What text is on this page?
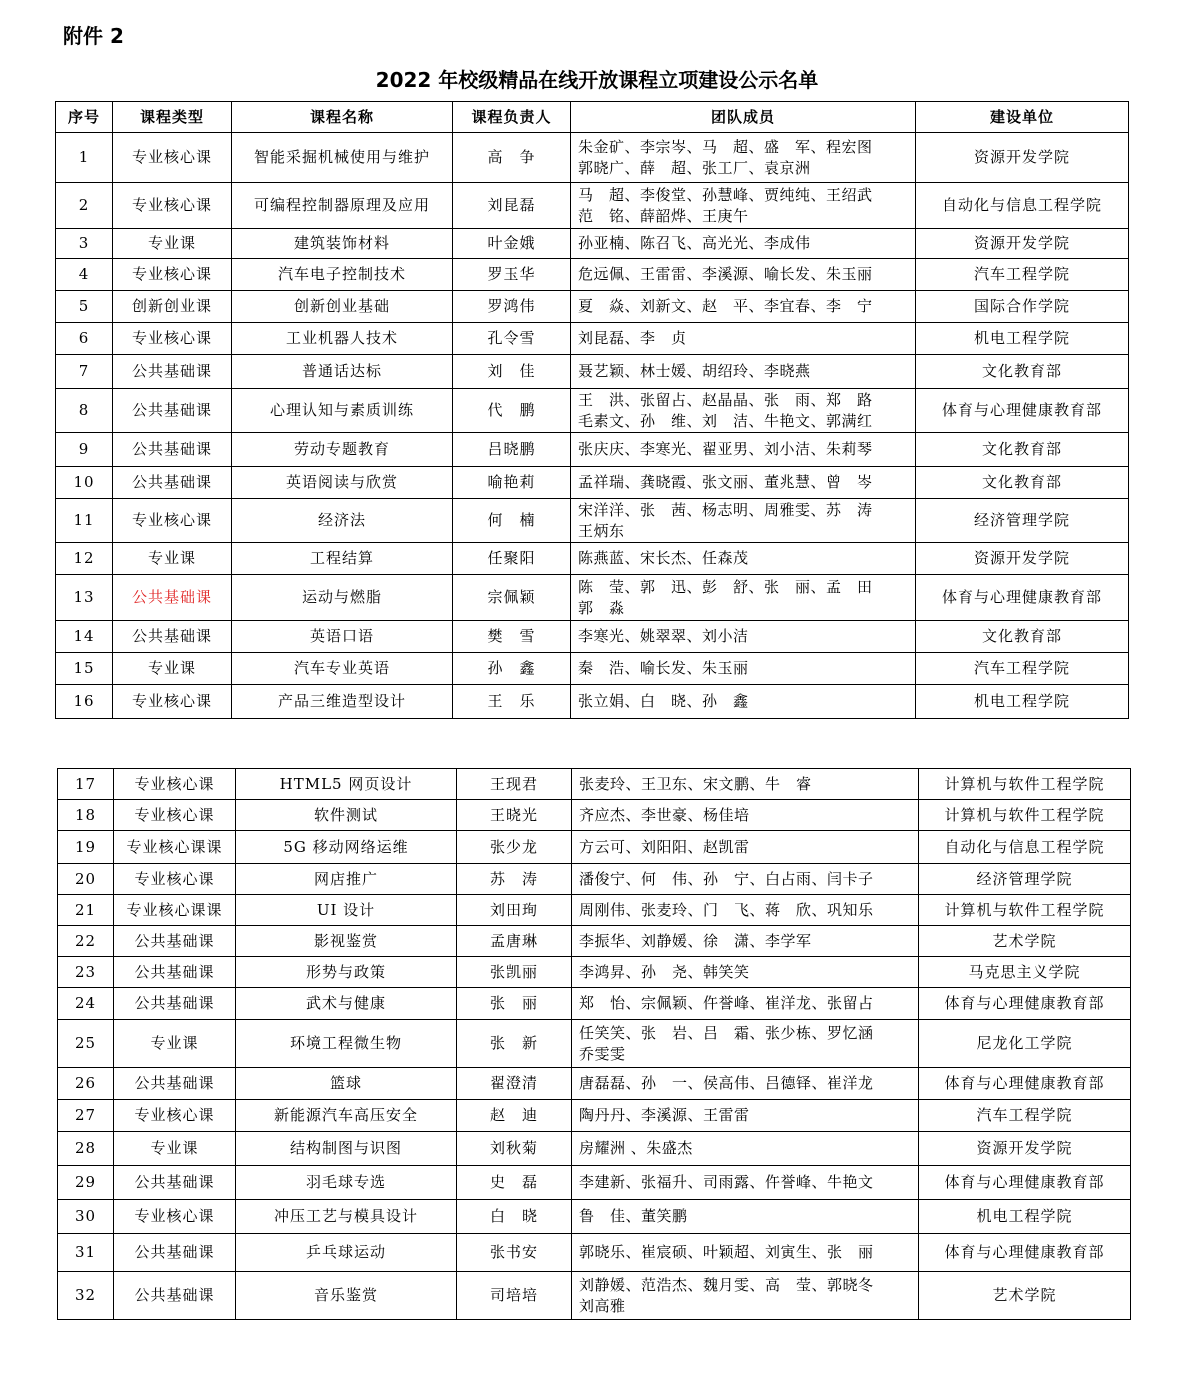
附件 2
2022 年校级精品在线开放课程立项建设公示名单
序号	课程类型	课程名称	课程负责人	团队成员	建设单位
1	专业核心课	智能采掘机械使用与维护	高　争	朱金矿、李宗岑、马　超、盛　军、程宏图
郭晓广、薛　超、张工厂、袁京洲	资源开发学院
2	专业核心课	可编程控制器原理及应用	刘昆磊	马　超、李俊堂、孙慧峰、贾纯纯、王绍武
范　铭、薛韶烨、王庚午	自动化与信息工程学院
3	专业课	建筑装饰材料	叶金娥	孙亚楠、陈召飞、高光光、李成伟	资源开发学院
4	专业核心课	汽车电子控制技术	罗玉华	危远佩、王雷雷、李溪源、喻长发、朱玉丽	汽车工程学院
5	创新创业课	创新创业基础	罗鸿伟	夏　焱、刘新文、赵　平、李宜春、李　宁	国际合作学院
6	专业核心课	工业机器人技术	孔令雪	刘昆磊、李　贞	机电工程学院
7	公共基础课	普通话达标	刘　佳	聂艺颖、林士媛、胡绍玲、李晓燕	文化教育部
8	公共基础课	心理认知与素质训练	代　鹏	王　洪、张留占、赵晶晶、张　雨、郑　路
毛素文、孙　维、刘　洁、牛艳文、郭满红	体育与心理健康教育部
9	公共基础课	劳动专题教育	吕晓鹏	张庆庆、李寒光、翟亚男、刘小洁、朱莉琴	文化教育部
10	公共基础课	英语阅读与欣赏	喻艳莉	孟祥瑞、龚晓霞、张文丽、董兆慧、曾　岑	文化教育部
11	专业核心课	经济法	何　楠	宋洋洋、张　茜、杨志明、周雅雯、苏　涛
王炳东	经济管理学院
12	专业课	工程结算	任聚阳	陈燕蓝、宋长杰、任森茂	资源开发学院
13	公共基础课	运动与燃脂	宗佩颖	陈　莹、郭　迅、彭　舒、张　丽、孟　田
郭　淼	体育与心理健康教育部
14	公共基础课	英语口语	樊　雪	李寒光、姚翠翠、刘小洁	文化教育部
15	专业课	汽车专业英语	孙　鑫	秦　浩、喻长发、朱玉丽	汽车工程学院
16	专业核心课	产品三维造型设计	王　乐	张立娟、白　晓、孙　鑫	机电工程学院
17	专业核心课	HTML5 网页设计	王现君	张麦玲、王卫东、宋文鹏、牛　睿	计算机与软件工程学院
18	专业核心课	软件测试	王晓光	齐应杰、李世豪、杨佳培	计算机与软件工程学院
19	专业核心课课	5G 移动网络运维	张少龙	方云可、刘阳阳、赵凯雷	自动化与信息工程学院
20	专业核心课	网店推广	苏　涛	潘俊宁、何　伟、孙　宁、白占雨、闫卡子	经济管理学院
21	专业核心课课	UI 设计	刘田珣	周刚伟、张麦玲、门　飞、蒋　欣、巩知乐	计算机与软件工程学院
22	公共基础课	影视鉴赏	孟唐琳	李振华、刘静媛、徐　潇、李学军	艺术学院
23	公共基础课	形势与政策	张凯丽	李鸿昇、孙　尧、韩笑笑	马克思主义学院
24	公共基础课	武术与健康	张　丽	郑　怡、宗佩颖、仵誉峰、崔洋龙、张留占	体育与心理健康教育部
25	专业课	环境工程微生物	张　新	任笑笑、张　岩、吕　霜、张少栋、罗忆涵
乔雯雯	尼龙化工学院
26	公共基础课	篮球	翟澄清	唐磊磊、孙　一、侯高伟、吕德铎、崔洋龙	体育与心理健康教育部
27	专业核心课	新能源汽车高压安全	赵　迪	陶丹丹、李溪源、王雷雷	汽车工程学院
28	专业课	结构制图与识图	刘秋菊	房耀洲 、朱盛杰	资源开发学院
29	公共基础课	羽毛球专选	史　磊	李建新、张福升、司雨露、仵誉峰、牛艳文	体育与心理健康教育部
30	专业核心课	冲压工艺与模具设计	白　晓	鲁　佳、董笑鹏	机电工程学院
31	公共基础课	乒乓球运动	张书安	郭晓乐、崔宸硕、叶颖超、刘寅生、张　丽	体育与心理健康教育部
32	公共基础课	音乐鉴赏	司培培	刘静媛、范浩杰、魏月雯、高　莹、郭晓冬
刘高雅	艺术学院
